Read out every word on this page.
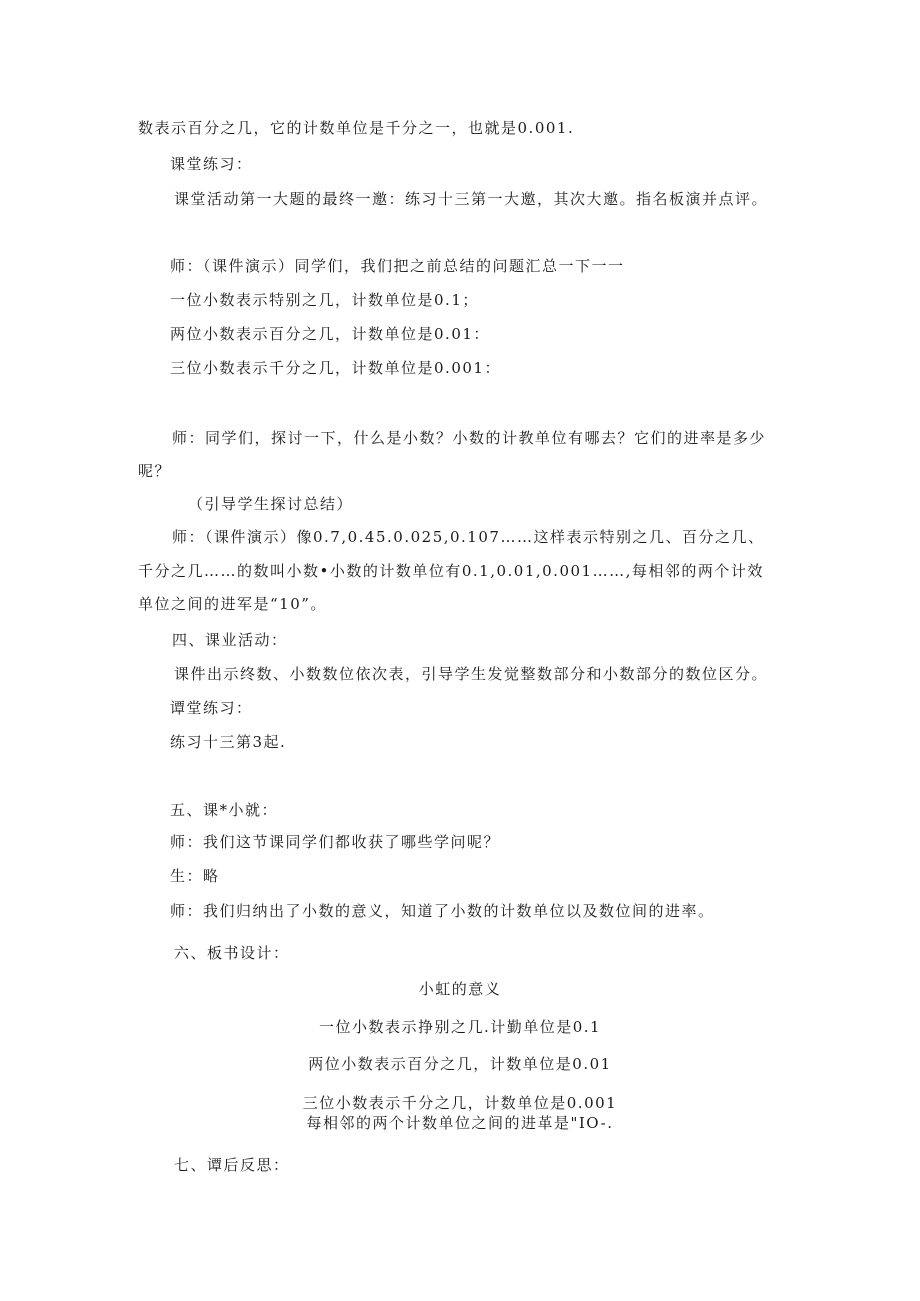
数表示百分之几，它的计数单位是千分之一，也就是0.001.
课堂练习：
课堂活动第一大题的最终一邀：练习十三第一大邀，其次大邀。指名板演并点评。
师：（课件演示）同学们，我们把之前总结的问题汇总一下一一
一位小数表示特别之几，计数单位是0.1；
两位小数表示百分之几，计数单位是0.01：
三位小数表示千分之几，计数单位是0.001：
师：同学们，探讨一下，什么是小数？小数的计教单位有哪去？它们的进率是多少
呢？
（引导学生探讨总结）
师：（课件演示）像0.7,0.45.0.025,0.107……这样表示特别之几、百分之几、
千分之几……的数叫小数•小数的计数单位有0.1,0.01,0.001……,每相邻的两个计效
单位之间的进军是“10”。
四、课业活动：
课件出示终数、小数数位依次表，引导学生发觉整数部分和小数部分的数位区分。
谭堂练习：
练习十三第3起.
五、课*小就：
师：我们这节课同学们都收获了哪些学问呢？
生：略
师：我们归纳出了小数的意义，知道了小数的计数单位以及数位间的进率。
六、板书设计：
小虹的意义
一位小数表示挣别之几.计勤单位是0.1
两位小数表示百分之几，计数单位是0.01
三位小数表示千分之几，计数单位是0.001
每相邻的两个计数单位之间的进革是"IO-.
七、谭后反思：
